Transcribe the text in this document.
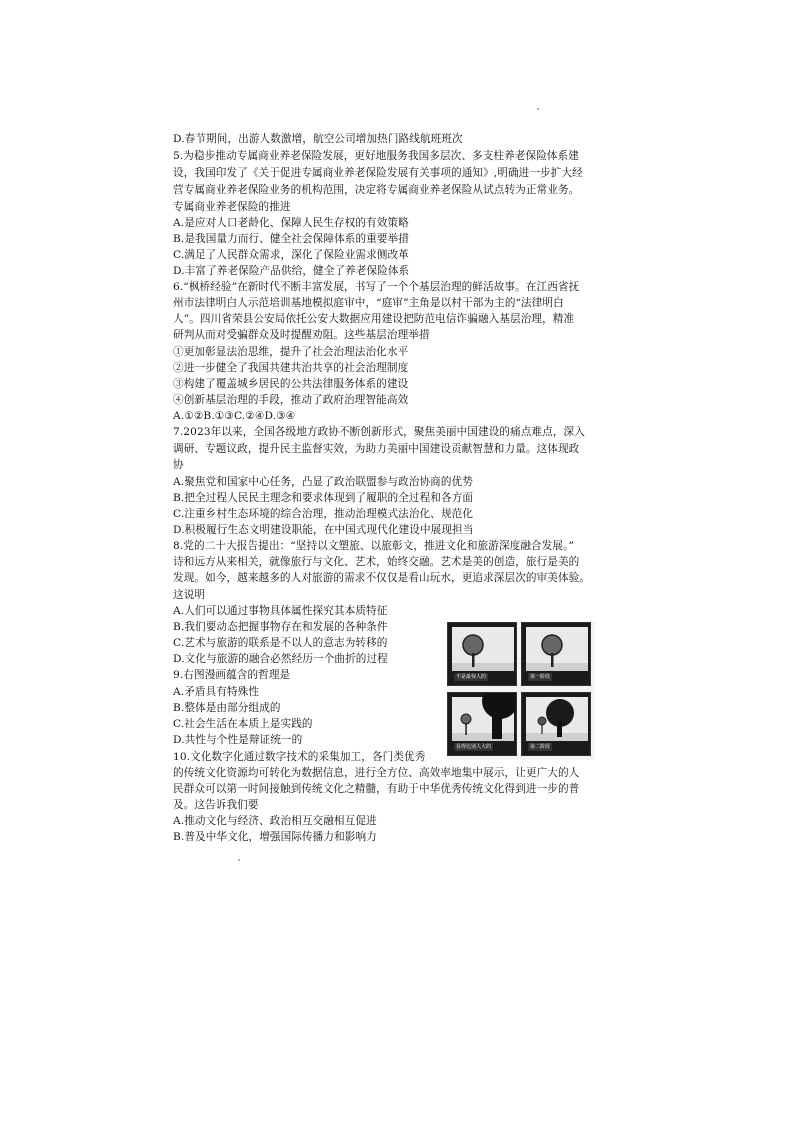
D.春节期间，出游人数激增，航空公司增加热门路线航班班次
5.为稳步推动专属商业养老保险发展，更好地服务我国多层次、多支柱养老保险体系建
设，我国印发了《关于促进专属商业养老保险发展有关事项的通知》,明确进一步扩大经
营专属商业养老保险业务的机构范围，决定将专属商业养老保险从试点转为正常业务。
专属商业养老保险的推进
A.是应对人口老龄化、保障人民生存权的有效策略
B.是我国量力而行、健全社会保障体系的重要举措
C.满足了人民群众需求，深化了保险业需求侧改革
D.丰富了养老保险产品供给，健全了养老保险体系
6.“枫桥经验”在新时代不断丰富发展，书写了一个个基层治理的鲜活故事。在江西省抚
州市法律明白人示范培训基地模拟庭审中，“庭审”主角是以村干部为主的“法律明白
人”。四川省荣县公安局依托公安大数据应用建设把防范电信诈骗融入基层治理，精准
研判从而对受骗群众及时提醒劝阻。这些基层治理举措
①更加彰显法治思维，提升了社会治理法治化水平
②进一步健全了我国共建共治共享的社会治理制度
③构建了覆盖城乡居民的公共法律服务体系的建设
④创新基层治理的手段，推动了政府治理智能高效
A.①②B.①③C.②④D.③④
7.2023年以来，全国各级地方政协不断创新形式，聚焦美丽中国建设的痛点难点，深入
调研、专题议政，提升民主监督实效，为助力美丽中国建设贡献智慧和力量。这体现政
协
A.聚焦党和国家中心任务，凸显了政治联盟参与政治协商的优势
B.把全过程人民民主理念和要求体现到了履职的全过程和各方面
C.注重乡村生态环境的综合治理，推动治理模式法治化、规范化
D.积极履行生态文明建设职能，在中国式现代化建设中展现担当
8.党的二十大报告提出：“坚持以文塑旅、以旅彰文，推进文化和旅游深度融合发展。”
诗和远方从来相关，就像旅行与文化、艺术，始终交融。艺术是美的创造，旅行是美的
发现。如今，越来越多的人对旅游的需求不仅仅是看山玩水，更追求深层次的审美体验。
这说明
A.人们可以通过事物具体属性探究其本质特征
B.我们要动态把握事物存在和发展的各种条件
C.艺术与旅游的联系是不以人的意志为转移的
D.文化与旅游的融合必然经历一个曲折的过程
9.右图漫画蕴含的哲理是
A.矛盾具有特殊性
B.整体是由部分组成的
C.社会生活在本质上是实践的
D.共性与个性是辩证统一的
10.文化数字化通过数字技术的采集加工，各门类优秀
的传统文化资源均可转化为数据信息，进行全方位、高效率地集中展示，让更广大的人
民群众可以第一时间接触到传统文化之精髓，有助于中华优秀传统文化得到进一步的普
及。这告诉我们要
A.推动文化与经济、政治相互交融相互促进
B.普及中华文化，增强国际传播力和影响力
不是最惊人的	第一阶段
显得比别人大的	第二阶段
